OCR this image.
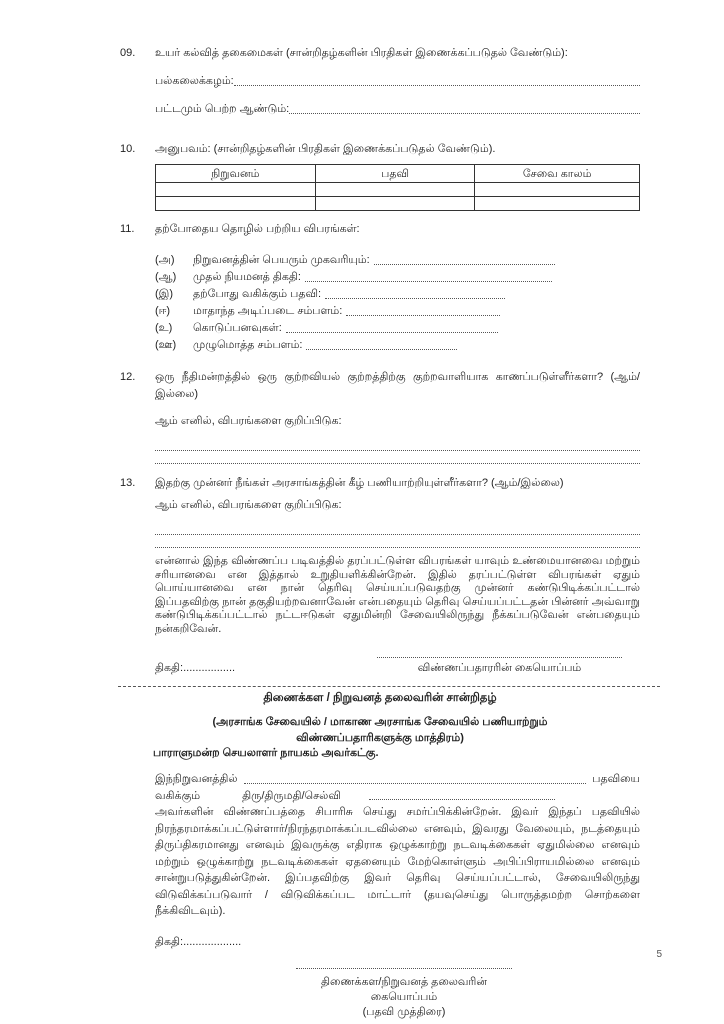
09.	உயர் கல்வித் தகைமைகள் (சான்றிதழ்களின் பிரதிகள் இணைக்கப்படுதல் வேண்டும்):
பல்கலைக்கழம்:
பட்டமும் பெற்ற ஆண்டும்:
10.	அனுபவம்: (சான்றிதழ்களின் பிரதிகள் இணைக்கப்படுதல் வேண்டும்).
நிறுவனம்	பதவி	சேவை காலம்

11.	தற்போதைய தொழில் பற்றிய விபரங்கள்:
(அ)	நிறுவனத்தின் பெயரும் முகவரியும்:
(ஆ)	முதல் நியமனத் திகதி:
(இ)	தற்போது வகிக்கும் பதவி:
(ஈ)	மாதாந்த அடிப்படை சம்பளம்:
(உ)	கொடுப்பனவுகள்:
(ஊ)	முழுமொத்த சம்பளம்:
12.	ஒரு நீதிமன்றத்தில் ஒரு குற்றவியல் குற்றத்திற்கு குற்றவாளியாக காணப்படுள்ளீர்களா? (ஆம்/இல்லை)
ஆம் எனில், விபரங்களை குறிப்பிடுக:
13.	இதற்கு முன்னர் நீங்கள் அரசாங்கத்தின் கீழ் பணியாற்றியுள்ளீர்களா? (ஆம்/இல்லை)
ஆம் எனில், விபரங்களை குறிப்பிடுக:
என்னால் இந்த விண்ணப்ப படிவத்தில் தரப்பட்டுள்ள விபரங்கள் யாவும் உண்மையானவை மற்றும் சரியானவை என இத்தால் உறுதியளிக்கின்றேன். இதில் தரப்பட்டுள்ள விபரங்கள் ஏதும் பொய்யானவை என நான் தெரிவு செய்யப்படுவதற்கு முன்னர் கண்டுபிடிக்கப்பட்டால் இப்பதவிற்கு நான் தகுதியற்றவனாவேன் என்பதையும் தெரிவு செய்யப்பட்டதன் பின்னர் அவ்வாறு கண்டுபிடிக்கப்பட்டால் நட்டஈடுகள் ஏதுமின்றி சேவையிலிருந்து நீக்கப்படுவேன் என்பதையும் நன்கறிவேன்.
திகதி:.................	விண்ணப்பதாரரின் கையொப்பம்
திணைக்கள / நிறுவனத் தலைவரின் சான்றிதழ்
(அரசாங்க சேவையில் / மாகாண அரசாங்க சேவையில் பணியாற்றும்
விண்ணப்பதாரிகளுக்கு மாத்திரம்)
பாராளுமன்ற செயலாளர் நாயகம் அவர்கட்கு.
இந்நிறுவனத்தில்	பதவியை
வகிக்கும்	திரு/திருமதி/செல்வி
அவர்களின் விண்ணப்பத்தை சிபாரிசு செய்து சமர்ப்பிக்கின்றேன். இவர் இந்தப் பதவியில் நிரந்தரமாக்கப்பட்டுள்ளார்/நிரந்தரமாக்கப்படவில்லை எனவும், இவரது வேலையும், நடத்தையும் திருப்திகரமானது எனவும் இவருக்கு எதிராக ஒழுக்காற்று நடவடிக்கைகள் ஏதுமில்லை எனவும் மற்றும் ஒழுக்காற்று நடவடிக்கைகள் ஏதனையும் மேற்கொள்ளும் அபிப்பிராயமில்லை எனவும் சான்றுபடுத்துகின்றேன். இப்பதவிற்கு இவர் தெரிவு செய்யப்பட்டால், சேவையிலிருந்து விடுவிக்கப்படுவார் / விடுவிக்கப்பட மாட்டார் (தயவுசெய்து பொருத்தமற்ற சொற்களை நீக்கிவிடவும்).
திகதி:...................
திணைக்கள/நிறுவனத் தலைவரின் கையொப்பம்
(பதவி முத்திரை)
5
